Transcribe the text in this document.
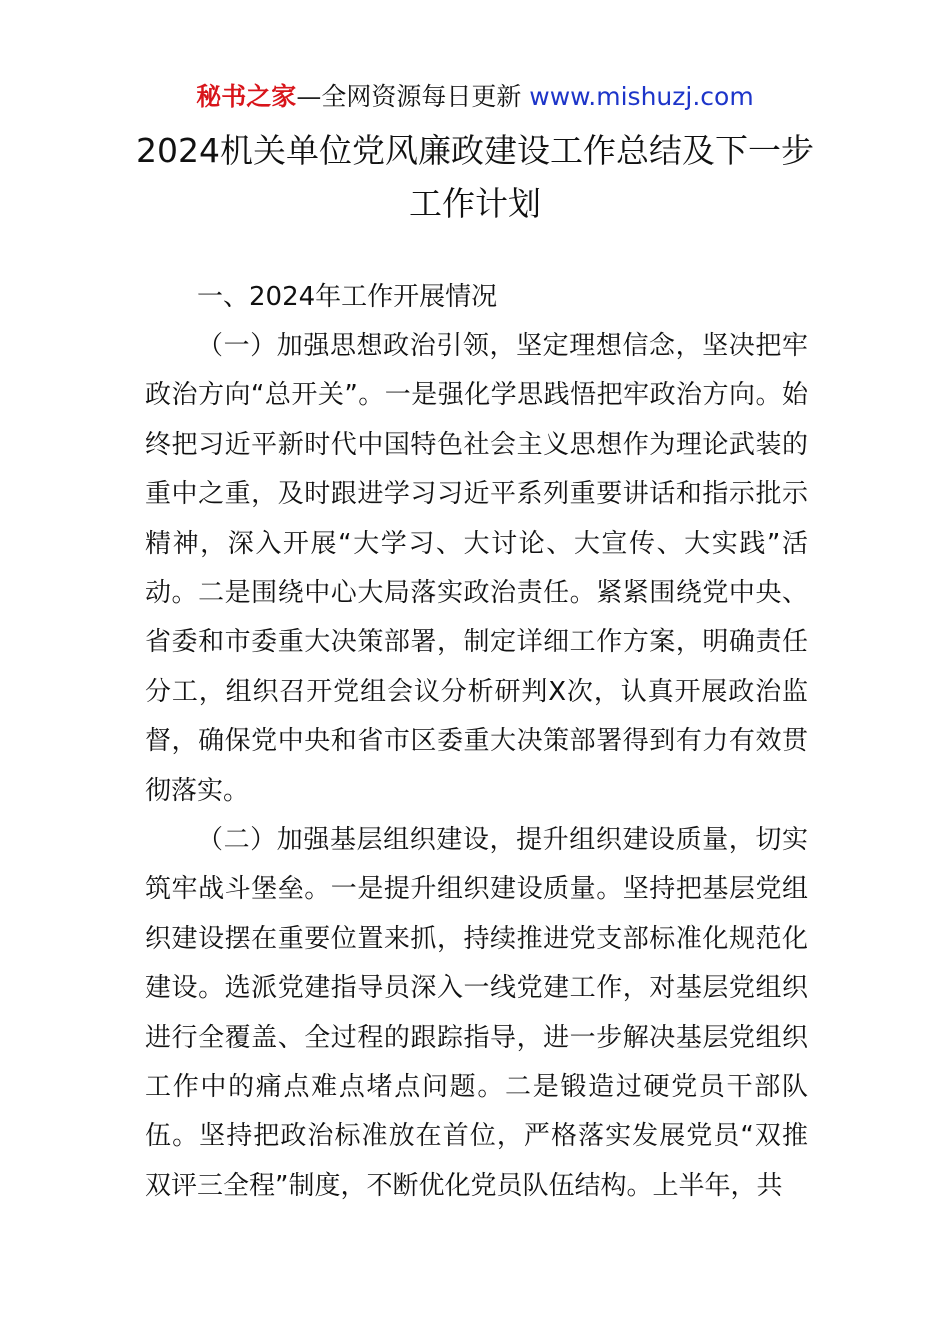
秘书之家—全网资源每日更新 www.mishuzj.com
2024机关单位党风廉政建设工作总结及下一步工作计划
一、2024年工作开展情况

（一）加强思想政治引领，坚定理想信念，坚决把牢政治方向“总开关”。一是强化学思践悟把牢政治方向。始终把习近平新时代中国特色社会主义思想作为理论武装的重中之重，及时跟进学习习近平系列重要讲话和指示批示精神，深入开展“大学习、大讨论、大宣传、大实践”活动。二是围绕中心大局落实政治责任。紧紧围绕党中央、省委和市委重大决策部署，制定详细工作方案，明确责任分工，组织召开党组会议分析研判X次，认真开展政治监督，确保党中央和省市区委重大决策部署得到有力有效贯彻落实。

（二）加强基层组织建设，提升组织建设质量，切实筑牢战斗堡垒。一是提升组织建设质量。坚持把基层党组织建设摆在重要位置来抓，持续推进党支部标准化规范化建设。选派党建指导员深入一线党建工作，对基层党组织进行全覆盖、全过程的跟踪指导，进一步解决基层党组织工作中的痛点难点堵点问题。二是锻造过硬党员干部队伍。坚持把政治标准放在首位，严格落实发展党员“双推双评三全程”制度，不断优化党员队伍结构。上半年，共
